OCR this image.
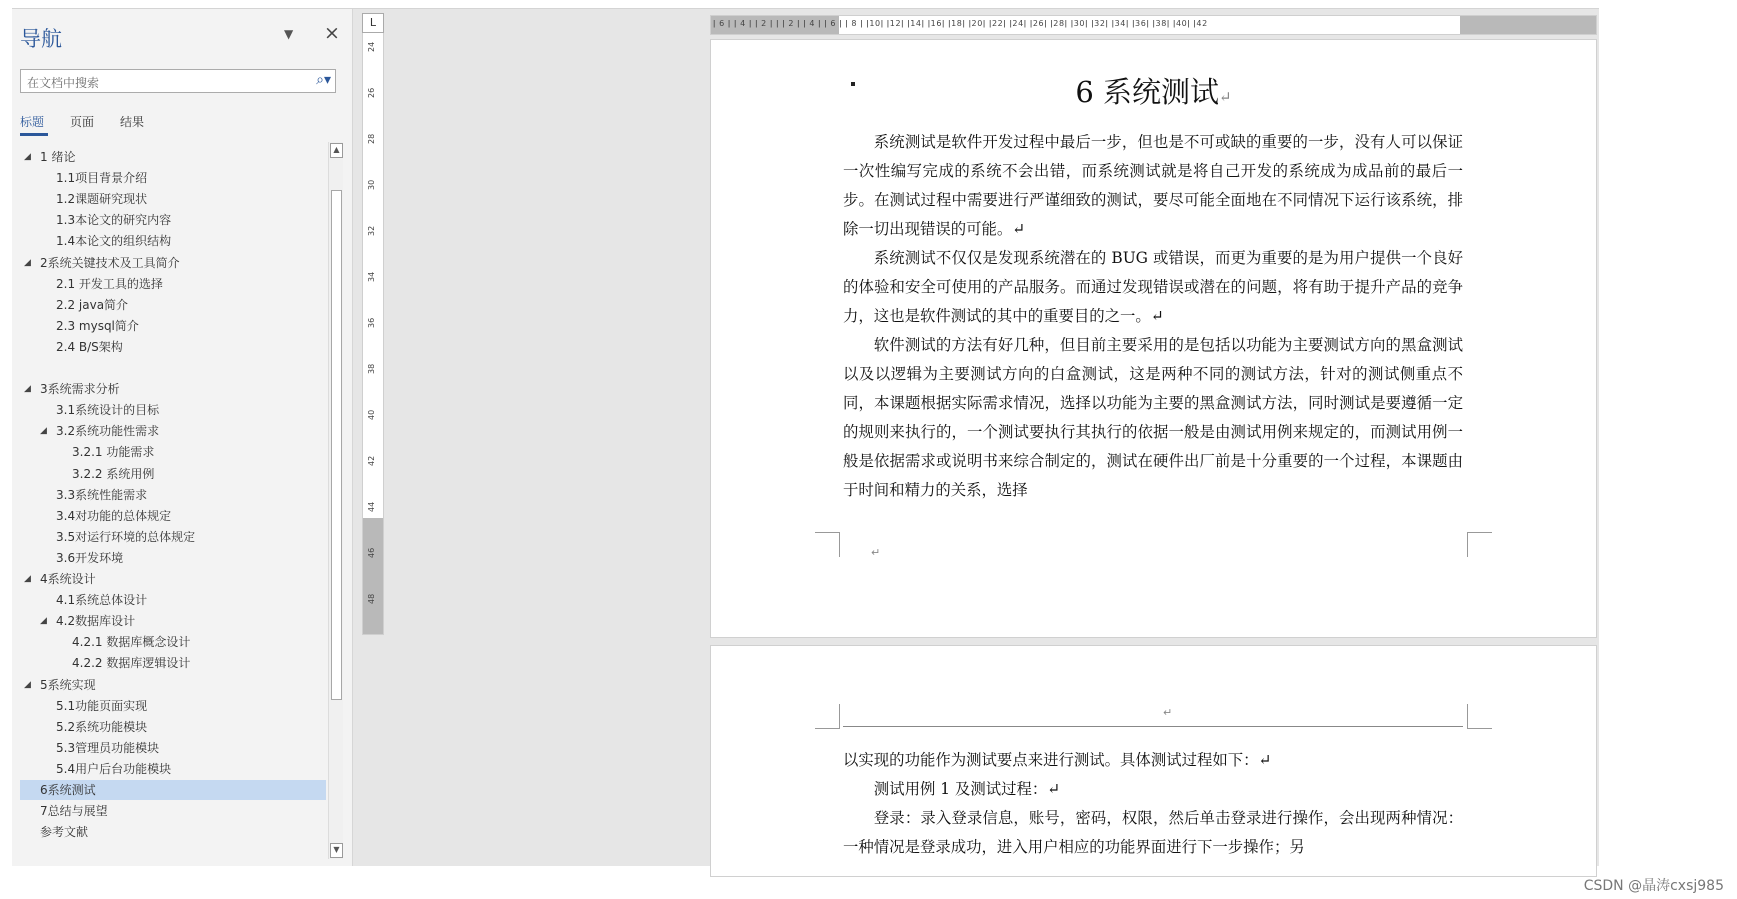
导航	▼ ×
在文档中搜索	⌕▾
标题 页面 结果
◢ 1 绪论
1.1项目背景介绍
1.2课题研究现状
1.3本论文的研究内容
1.4本论文的组织结构
◢ 2系统关键技术及工具简介
2.1 开发工具的选择
2.2 java简介
2.3 mysql简介
2.4 B/S架构
◢ 3系统需求分析
3.1系统设计的目标
◢ 3.2系统功能性需求
3.2.1 功能需求
3.2.2 系统用例
3.3系统性能需求
3.4对功能的总体规定
3.5对运行环境的总体规定
3.6开发环境
◢ 4系统设计
4.1系统总体设计
◢ 4.2数据库设计
4.2.1 数据库概念设计
4.2.2 数据库逻辑设计
◢ 5系统实现
5.1功能页面实现
5.2系统功能模块
5.3管理员功能模块
5.4用户后台功能模块
6系统测试
7总结与展望
参考文献
▲
▼
24
26
28
30
32
34
36
38
40
42
44
46
48
L	ǀ 6 ǀ ǀ 4 ǀ ǀ 2 ǀ ǀ ǀ 2 ǀ ǀ 4 ǀ ǀ 6 ǀ ǀ 8 ǀ ǀ10ǀ ǀ12ǀ ǀ14ǀ ǀ16ǀ ǀ18ǀ ǀ20ǀ ǀ22ǀ ǀ24ǀ ǀ26ǀ ǀ28ǀ ǀ30ǀ ǀ32ǀ ǀ34ǀ ǀ36ǀ ǀ38ǀ ǀ40ǀ ǀ42
6 系统测试↵

系统测试是软件开发过程中最后一步，但也是不可或缺的重要的一步，没有人可以保证一次性编写完成的系统不会出错，而系统测试就是将自己开发的系统成为成品前的最后一步。在测试过程中需要进行严谨细致的测试，要尽可能全面地在不同情况下运行该系统，排除一切出现错误的可能。↵

系统测试不仅仅是发现系统潜在的 BUG 或错误，而更为重要的是为用户提供一个良好的体验和安全可使用的产品服务。而通过发现错误或潜在的问题，将有助于提升产品的竞争力，这也是软件测试的其中的重要目的之一。↵

软件测试的方法有好几种，但目前主要采用的是包括以功能为主要测试方向的黑盒测试以及以逻辑为主要测试方向的白盒测试，这是两种不同的测试方法，针对的测试侧重点不同，本课题根据实际需求情况，选择以功能为主要的黑盒测试方法，同时测试是要遵循一定的规则来执行的，一个测试要执行其执行的依据一般是由测试用例来规定的，而测试用例一般是依据需求或说明书来综合制定的，测试在硬件出厂前是十分重要的一个过程，本课题由于时间和精力的关系，选择

↵
↵
以实现的功能作为测试要点来进行测试。具体测试过程如下：↵

测试用例 1 及测试过程：↵

登录：录入登录信息，账号，密码，权限，然后单击登录进行操作，会出现两种情况：一种情况是登录成功，进入用户相应的功能界面进行下一步操作；另

CSDN @晶涛cxsj985
